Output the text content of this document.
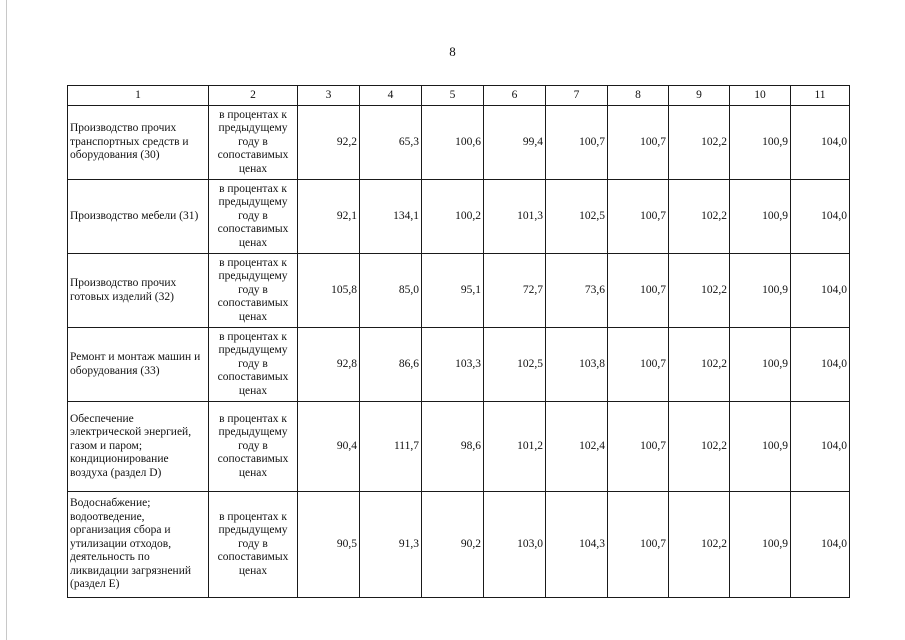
8
1	2	3	4	5	6	7	8	9	10	11
Производство прочих транспортных средств и оборудования (30)	в процентах к предыдущему году в сопоставимых ценах	92,2	65,3	100,6	99,4	100,7	100,7	102,2	100,9	104,0
Производство мебели (31)	в процентах к предыдущему году в сопоставимых ценах	92,1	134,1	100,2	101,3	102,5	100,7	102,2	100,9	104,0
Производство прочих готовых изделий (32)	в процентах к предыдущему году в сопоставимых ценах	105,8	85,0	95,1	72,7	73,6	100,7	102,2	100,9	104,0
Ремонт и монтаж машин и оборудования (33)	в процентах к предыдущему году в сопоставимых ценах	92,8	86,6	103,3	102,5	103,8	100,7	102,2	100,9	104,0
Обеспечение электрической энергией, газом и паром; кондиционирование воздуха (раздел D)	в процентах к предыдущему году в сопоставимых ценах	90,4	111,7	98,6	101,2	102,4	100,7	102,2	100,9	104,0
Водоснабжение; водоотведение, организация сбора и утилизации отходов, деятельность по ликвидации загрязнений (раздел E)	в процентах к предыдущему году в сопоставимых ценах	90,5	91,3	90,2	103,0	104,3	100,7	102,2	100,9	104,0
